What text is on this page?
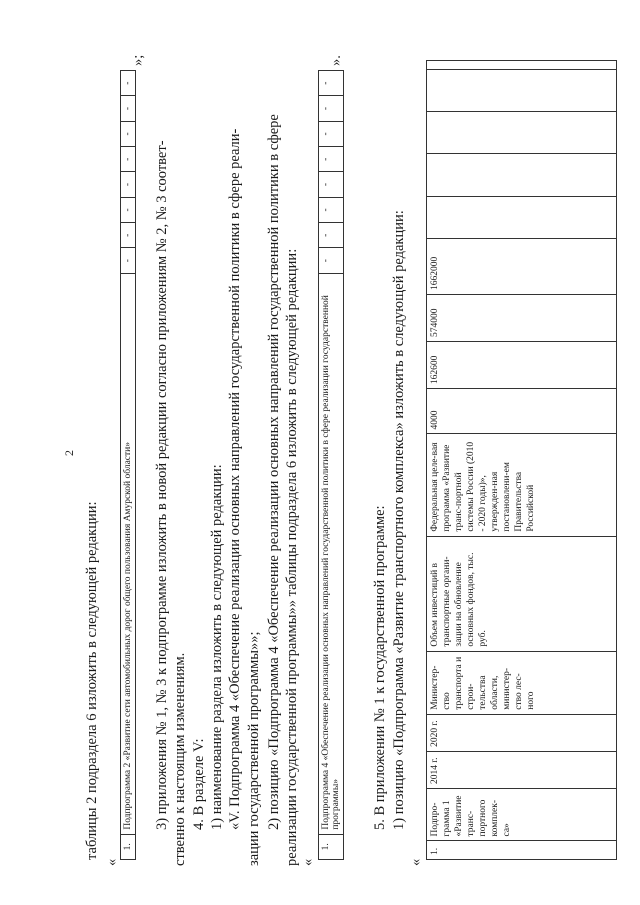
2
таблицы 2 подраздела 6 изложить в следующей редакции:
«
1.	Подпрограмма 2 «Развитие сети автомобильных дорог общего пользования Амурской области»	-	-	-	-	-	-	-	-
»;
3) приложения № 1, № 3 к подпрограмме изложить в новой редакции согласно приложениям № 2, № 3 соответ- ственно к настоящим изменениям. 4. В разделе V: 1) наименование раздела изложить в следующей редакции: «V. Подпрограмма 4 «Обеспечение реализации основных направлений государственной политики в сфере реали- зации государственной программы»»; 2) позицию «Подпрограмма 4 «Обеспечение реализации основных направлений государственной политики в сфере реализации государственной программы»» таблицы подраздела 6 изложить в следующей редакции: «
1.	Подпрограмма 4 «Обеспечение реализации основных направлений государственной политики в сфере реализации государственной программы»	-	-	-	-	-	-	-	-
».
5. В приложении № 1 к государственной программе: 1) позицию «Подпрограмма «Развитие транспортного комплекса» изложить в следующей редакции:
«
1.	Подпро-грамма 1 «Развитие транс-портного комплек-са»	2014 г.	2020 г.	Министер-ство транспорта и строи-тельства области, министер-ство лес-ного	Объем инвестиций в транспортные органи-зации на обновление основных фондов, тыс. руб.	Федеральная целе-вая программа «Развитие транс-портной системы России (2010 - 2020 годы)», утвержден-ная постановлени-ем Правительства Российской	4000	162600	574000	1662000					
